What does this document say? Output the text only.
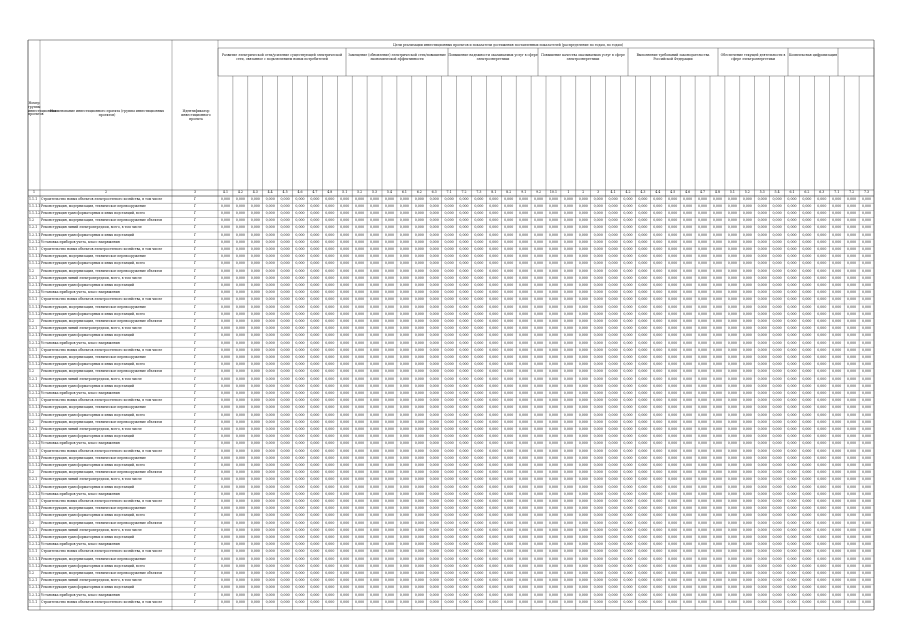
Цели реализации инвестиционных проектов и показатели достижения поставленных показателей (распределение по годам, по годам)
Номер группы инвестиционных проектов
Наименование инвестиционного проекта (группы инвестиционных проектов)
Идентификатор инвестиционного проекта
Развитие электрической сети/усиление существующей электрической сети, связанное с подключением новых потребителей
Замещение (обновление) электрической сети/повышение экономической эффективности
Повышение надежности оказываемых услуг в сфере электроэнергетики
Повышение качества оказываемых услуг в сфере электроэнергетики
Выполнение требований законодательства Российской Федерации
Обеспечение текущей деятельности в сфере электроэнергетики
Комплексная цифровизация
1	2	3	4.1	4.2	4.3	4.4	4.5	4.6	4.7	4.8	5.1	5.2	5.3	5.4	6.1	6.2	6.3	7.1	7.2	7.3	8.1	8.2	9.1	9.2	10.1	1	2	3	4.1	4.2	4.3	4.4	4.5	4.6	4.7	4.8	5.1	5.2	5.3	5.4	6.1	6.2	6.3	7.1	7.2	7.3
1.1.1	Строительство новых объектов электросетевого хозяйства, в том числе	Г	0,000	0,000	0,000	0,000	0,000	0,000	0,000	0,000	0,000	0,000	0,000	0,000	0,000	0,000	0,000	0,000	0,000	0,000	0,000	0,000	0,000	0,000	0,000	0,000	0,000	0,000	0,000	0,000	0,000	0,000	0,000	0,000	0,000	0,000	0,000	0,000	0,000	0,000	0,000	0,000	0,000	0,000	0,000	0,000
1.1.1.1 Реконструкция, модернизация, техническое перевооружение	Г	0,000	0,000	0,000	0,000	0,000	0,000	0,000	0,000	0,000	0,000	0,000	0,000	0,000	0,000	0,000	0,000	0,000	0,000	0,000	0,000	0,000	0,000	0,000	0,000	0,000	0,000	0,000	0,000	0,000	0,000	0,000	0,000	0,000	0,000	0,000	0,000	0,000	0,000	0,000	0,000	0,000	0,000	0,000	0,000
1.1.1.2 Реконструкция трансформаторных и иных подстанций, всего	Г	0,000	0,000	0,000	0,000	0,000	0,000	0,000	0,000	0,000	0,000	0,000	0,000	0,000	0,000	0,000	0,000	0,000	0,000	0,000	0,000	0,000	0,000	0,000	0,000	0,000	0,000	0,000	0,000	0,000	0,000	0,000	0,000	0,000	0,000	0,000	0,000	0,000	0,000	0,000	0,000	0,000	0,000	0,000	0,000
1.2	Реконструкция, модернизация, техническое перевооружение объектов	Г	0,000	0,000	0,000	0,000	0,000	0,000	0,000	0,000	0,000	0,000	0,000	0,000	0,000	0,000	0,000	0,000	0,000	0,000	0,000	0,000	0,000	0,000	0,000	0,000	0,000	0,000	0,000	0,000	0,000	0,000	0,000	0,000	0,000	0,000	0,000	0,000	0,000	0,000	0,000	0,000	0,000	0,000	0,000	0,000
1.2.1	Реконструкция линий электропередачи, всего, в том числе	Г	0,000	0,000	0,000	0,000	0,000	0,000	0,000	0,000	0,000	0,000	0,000	0,000	0,000	0,000	0,000	0,000	0,000	0,000	0,000	0,000	0,000	0,000	0,000	0,000	0,000	0,000	0,000	0,000	0,000	0,000	0,000	0,000	0,000	0,000	0,000	0,000	0,000	0,000	0,000	0,000	0,000	0,000	0,000	0,000
1.2.1.1 Реконструкция трансформаторных и иных подстанций	Г	0,000	0,000	0,000	0,000	0,000	0,000	0,000	0,000	0,000	0,000	0,000	0,000	0,000	0,000	0,000	0,000	0,000	0,000	0,000	0,000	0,000	0,000	0,000	0,000	0,000	0,000	0,000	0,000	0,000	0,000	0,000	0,000	0,000	0,000	0,000	0,000	0,000	0,000	0,000	0,000	0,000	0,000	0,000	0,000
1.2.1.2 Установка приборов учета, класс напряжения	Г	0,000	0,000	0,000	0,000	0,000	0,000	0,000	0,000	0,000	0,000	0,000	0,000	0,000	0,000	0,000	0,000	0,000	0,000	0,000	0,000	0,000	0,000	0,000	0,000	0,000	0,000	0,000	0,000	0,000	0,000	0,000	0,000	0,000	0,000	0,000	0,000	0,000	0,000	0,000	0,000	0,000	0,000	0,000	0,000
1.1.1	Строительство новых объектов электросетевого хозяйства, в том числе	Г	0,000	0,000	0,000	0,000	0,000	0,000	0,000	0,000	0,000	0,000	0,000	0,000	0,000	0,000	0,000	0,000	0,000	0,000	0,000	0,000	0,000	0,000	0,000	0,000	0,000	0,000	0,000	0,000	0,000	0,000	0,000	0,000	0,000	0,000	0,000	0,000	0,000	0,000	0,000	0,000	0,000	0,000	0,000	0,000
1.1.1.1 Реконструкция, модернизация, техническое перевооружение	Г	0,000	0,000	0,000	0,000	0,000	0,000	0,000	0,000	0,000	0,000	0,000	0,000	0,000	0,000	0,000	0,000	0,000	0,000	0,000	0,000	0,000	0,000	0,000	0,000	0,000	0,000	0,000	0,000	0,000	0,000	0,000	0,000	0,000	0,000	0,000	0,000	0,000	0,000	0,000	0,000	0,000	0,000	0,000	0,000
1.1.1.2 Реконструкция трансформаторных и иных подстанций, всего	Г	0,000	0,000	0,000	0,000	0,000	0,000	0,000	0,000	0,000	0,000	0,000	0,000	0,000	0,000	0,000	0,000	0,000	0,000	0,000	0,000	0,000	0,000	0,000	0,000	0,000	0,000	0,000	0,000	0,000	0,000	0,000	0,000	0,000	0,000	0,000	0,000	0,000	0,000	0,000	0,000	0,000	0,000	0,000	0,000
1.2	Реконструкция, модернизация, техническое перевооружение объектов	Г	0,000	0,000	0,000	0,000	0,000	0,000	0,000	0,000	0,000	0,000	0,000	0,000	0,000	0,000	0,000	0,000	0,000	0,000	0,000	0,000	0,000	0,000	0,000	0,000	0,000	0,000	0,000	0,000	0,000	0,000	0,000	0,000	0,000	0,000	0,000	0,000	0,000	0,000	0,000	0,000	0,000	0,000	0,000	0,000
1.2.1	Реконструкция линий электропередачи, всего, в том числе	Г	0,000	0,000	0,000	0,000	0,000	0,000	0,000	0,000	0,000	0,000	0,000	0,000	0,000	0,000	0,000	0,000	0,000	0,000	0,000	0,000	0,000	0,000	0,000	0,000	0,000	0,000	0,000	0,000	0,000	0,000	0,000	0,000	0,000	0,000	0,000	0,000	0,000	0,000	0,000	0,000	0,000	0,000	0,000	0,000
1.2.1.1 Реконструкция трансформаторных и иных подстанций	Г	0,000	0,000	0,000	0,000	0,000	0,000	0,000	0,000	0,000	0,000	0,000	0,000	0,000	0,000	0,000	0,000	0,000	0,000	0,000	0,000	0,000	0,000	0,000	0,000	0,000	0,000	0,000	0,000	0,000	0,000	0,000	0,000	0,000	0,000	0,000	0,000	0,000	0,000	0,000	0,000	0,000	0,000	0,000	0,000
1.2.1.2 Установка приборов учета, класс напряжения	Г	0,000	0,000	0,000	0,000	0,000	0,000	0,000	0,000	0,000	0,000	0,000	0,000	0,000	0,000	0,000	0,000	0,000	0,000	0,000	0,000	0,000	0,000	0,000	0,000	0,000	0,000	0,000	0,000	0,000	0,000	0,000	0,000	0,000	0,000	0,000	0,000	0,000	0,000	0,000	0,000	0,000	0,000	0,000	0,000
1.1.1	Строительство новых объектов электросетевого хозяйства, в том числе	Г	0,000	0,000	0,000	0,000	0,000	0,000	0,000	0,000	0,000	0,000	0,000	0,000	0,000	0,000	0,000	0,000	0,000	0,000	0,000	0,000	0,000	0,000	0,000	0,000	0,000	0,000	0,000	0,000	0,000	0,000	0,000	0,000	0,000	0,000	0,000	0,000	0,000	0,000	0,000	0,000	0,000	0,000	0,000	0,000
1.1.1.1 Реконструкция, модернизация, техническое перевооружение	Г	0,000	0,000	0,000	0,000	0,000	0,000	0,000	0,000	0,000	0,000	0,000	0,000	0,000	0,000	0,000	0,000	0,000	0,000	0,000	0,000	0,000	0,000	0,000	0,000	0,000	0,000	0,000	0,000	0,000	0,000	0,000	0,000	0,000	0,000	0,000	0,000	0,000	0,000	0,000	0,000	0,000	0,000	0,000	0,000
1.1.1.2 Реконструкция трансформаторных и иных подстанций, всего	Г	0,000	0,000	0,000	0,000	0,000	0,000	0,000	0,000	0,000	0,000	0,000	0,000	0,000	0,000	0,000	0,000	0,000	0,000	0,000	0,000	0,000	0,000	0,000	0,000	0,000	0,000	0,000	0,000	0,000	0,000	0,000	0,000	0,000	0,000	0,000	0,000	0,000	0,000	0,000	0,000	0,000	0,000	0,000	0,000
1.2	Реконструкция, модернизация, техническое перевооружение объектов	Г	0,000	0,000	0,000	0,000	0,000	0,000	0,000	0,000	0,000	0,000	0,000	0,000	0,000	0,000	0,000	0,000	0,000	0,000	0,000	0,000	0,000	0,000	0,000	0,000	0,000	0,000	0,000	0,000	0,000	0,000	0,000	0,000	0,000	0,000	0,000	0,000	0,000	0,000	0,000	0,000	0,000	0,000	0,000	0,000
1.2.1	Реконструкция линий электропередачи, всего, в том числе	Г	0,000	0,000	0,000	0,000	0,000	0,000	0,000	0,000	0,000	0,000	0,000	0,000	0,000	0,000	0,000	0,000	0,000	0,000	0,000	0,000	0,000	0,000	0,000	0,000	0,000	0,000	0,000	0,000	0,000	0,000	0,000	0,000	0,000	0,000	0,000	0,000	0,000	0,000	0,000	0,000	0,000	0,000	0,000	0,000
1.2.1.1 Реконструкция трансформаторных и иных подстанций	Г	0,000	0,000	0,000	0,000	0,000	0,000	0,000	0,000	0,000	0,000	0,000	0,000	0,000	0,000	0,000	0,000	0,000	0,000	0,000	0,000	0,000	0,000	0,000	0,000	0,000	0,000	0,000	0,000	0,000	0,000	0,000	0,000	0,000	0,000	0,000	0,000	0,000	0,000	0,000	0,000	0,000	0,000	0,000	0,000
1.2.1.2 Установка приборов учета, класс напряжения	Г	0,000	0,000	0,000	0,000	0,000	0,000	0,000	0,000	0,000	0,000	0,000	0,000	0,000	0,000	0,000	0,000	0,000	0,000	0,000	0,000	0,000	0,000	0,000	0,000	0,000	0,000	0,000	0,000	0,000	0,000	0,000	0,000	0,000	0,000	0,000	0,000	0,000	0,000	0,000	0,000	0,000	0,000	0,000	0,000
1.1.1	Строительство новых объектов электросетевого хозяйства, в том числе	Г	0,000	0,000	0,000	0,000	0,000	0,000	0,000	0,000	0,000	0,000	0,000	0,000	0,000	0,000	0,000	0,000	0,000	0,000	0,000	0,000	0,000	0,000	0,000	0,000	0,000	0,000	0,000	0,000	0,000	0,000	0,000	0,000	0,000	0,000	0,000	0,000	0,000	0,000	0,000	0,000	0,000	0,000	0,000	0,000
1.1.1.1 Реконструкция, модернизация, техническое перевооружение	Г	0,000	0,000	0,000	0,000	0,000	0,000	0,000	0,000	0,000	0,000	0,000	0,000	0,000	0,000	0,000	0,000	0,000	0,000	0,000	0,000	0,000	0,000	0,000	0,000	0,000	0,000	0,000	0,000	0,000	0,000	0,000	0,000	0,000	0,000	0,000	0,000	0,000	0,000	0,000	0,000	0,000	0,000	0,000	0,000
1.1.1.2 Реконструкция трансформаторных и иных подстанций, всего	Г	0,000	0,000	0,000	0,000	0,000	0,000	0,000	0,000	0,000	0,000	0,000	0,000	0,000	0,000	0,000	0,000	0,000	0,000	0,000	0,000	0,000	0,000	0,000	0,000	0,000	0,000	0,000	0,000	0,000	0,000	0,000	0,000	0,000	0,000	0,000	0,000	0,000	0,000	0,000	0,000	0,000	0,000	0,000	0,000
1.2	Реконструкция, модернизация, техническое перевооружение объектов	Г	0,000	0,000	0,000	0,000	0,000	0,000	0,000	0,000	0,000	0,000	0,000	0,000	0,000	0,000	0,000	0,000	0,000	0,000	0,000	0,000	0,000	0,000	0,000	0,000	0,000	0,000	0,000	0,000	0,000	0,000	0,000	0,000	0,000	0,000	0,000	0,000	0,000	0,000	0,000	0,000	0,000	0,000	0,000	0,000
1.2.1	Реконструкция линий электропередачи, всего, в том числе	Г	0,000	0,000	0,000	0,000	0,000	0,000	0,000	0,000	0,000	0,000	0,000	0,000	0,000	0,000	0,000	0,000	0,000	0,000	0,000	0,000	0,000	0,000	0,000	0,000	0,000	0,000	0,000	0,000	0,000	0,000	0,000	0,000	0,000	0,000	0,000	0,000	0,000	0,000	0,000	0,000	0,000	0,000	0,000	0,000
1.2.1.1 Реконструкция трансформаторных и иных подстанций	Г	0,000	0,000	0,000	0,000	0,000	0,000	0,000	0,000	0,000	0,000	0,000	0,000	0,000	0,000	0,000	0,000	0,000	0,000	0,000	0,000	0,000	0,000	0,000	0,000	0,000	0,000	0,000	0,000	0,000	0,000	0,000	0,000	0,000	0,000	0,000	0,000	0,000	0,000	0,000	0,000	0,000	0,000	0,000	0,000
1.2.1.2 Установка приборов учета, класс напряжения	Г	0,000	0,000	0,000	0,000	0,000	0,000	0,000	0,000	0,000	0,000	0,000	0,000	0,000	0,000	0,000	0,000	0,000	0,000	0,000	0,000	0,000	0,000	0,000	0,000	0,000	0,000	0,000	0,000	0,000	0,000	0,000	0,000	0,000	0,000	0,000	0,000	0,000	0,000	0,000	0,000	0,000	0,000	0,000	0,000
1.1.1	Строительство новых объектов электросетевого хозяйства, в том числе	Г	0,000	0,000	0,000	0,000	0,000	0,000	0,000	0,000	0,000	0,000	0,000	0,000	0,000	0,000	0,000	0,000	0,000	0,000	0,000	0,000	0,000	0,000	0,000	0,000	0,000	0,000	0,000	0,000	0,000	0,000	0,000	0,000	0,000	0,000	0,000	0,000	0,000	0,000	0,000	0,000	0,000	0,000	0,000	0,000
1.1.1.1 Реконструкция, модернизация, техническое перевооружение	Г	0,000	0,000	0,000	0,000	0,000	0,000	0,000	0,000	0,000	0,000	0,000	0,000	0,000	0,000	0,000	0,000	0,000	0,000	0,000	0,000	0,000	0,000	0,000	0,000	0,000	0,000	0,000	0,000	0,000	0,000	0,000	0,000	0,000	0,000	0,000	0,000	0,000	0,000	0,000	0,000	0,000	0,000	0,000	0,000
1.1.1.2 Реконструкция трансформаторных и иных подстанций, всего	Г	0,000	0,000	0,000	0,000	0,000	0,000	0,000	0,000	0,000	0,000	0,000	0,000	0,000	0,000	0,000	0,000	0,000	0,000	0,000	0,000	0,000	0,000	0,000	0,000	0,000	0,000	0,000	0,000	0,000	0,000	0,000	0,000	0,000	0,000	0,000	0,000	0,000	0,000	0,000	0,000	0,000	0,000	0,000	0,000
1.2	Реконструкция, модернизация, техническое перевооружение объектов	Г	0,000	0,000	0,000	0,000	0,000	0,000	0,000	0,000	0,000	0,000	0,000	0,000	0,000	0,000	0,000	0,000	0,000	0,000	0,000	0,000	0,000	0,000	0,000	0,000	0,000	0,000	0,000	0,000	0,000	0,000	0,000	0,000	0,000	0,000	0,000	0,000	0,000	0,000	0,000	0,000	0,000	0,000	0,000	0,000
1.2.1	Реконструкция линий электропередачи, всего, в том числе	Г	0,000	0,000	0,000	0,000	0,000	0,000	0,000	0,000	0,000	0,000	0,000	0,000	0,000	0,000	0,000	0,000	0,000	0,000	0,000	0,000	0,000	0,000	0,000	0,000	0,000	0,000	0,000	0,000	0,000	0,000	0,000	0,000	0,000	0,000	0,000	0,000	0,000	0,000	0,000	0,000	0,000	0,000	0,000	0,000
1.2.1.1 Реконструкция трансформаторных и иных подстанций	Г	0,000	0,000	0,000	0,000	0,000	0,000	0,000	0,000	0,000	0,000	0,000	0,000	0,000	0,000	0,000	0,000	0,000	0,000	0,000	0,000	0,000	0,000	0,000	0,000	0,000	0,000	0,000	0,000	0,000	0,000	0,000	0,000	0,000	0,000	0,000	0,000	0,000	0,000	0,000	0,000	0,000	0,000	0,000	0,000
1.2.1.2 Установка приборов учета, класс напряжения	Г	0,000	0,000	0,000	0,000	0,000	0,000	0,000	0,000	0,000	0,000	0,000	0,000	0,000	0,000	0,000	0,000	0,000	0,000	0,000	0,000	0,000	0,000	0,000	0,000	0,000	0,000	0,000	0,000	0,000	0,000	0,000	0,000	0,000	0,000	0,000	0,000	0,000	0,000	0,000	0,000	0,000	0,000	0,000	0,000
1.1.1	Строительство новых объектов электросетевого хозяйства, в том числе	Г	0,000	0,000	0,000	0,000	0,000	0,000	0,000	0,000	0,000	0,000	0,000	0,000	0,000	0,000	0,000	0,000	0,000	0,000	0,000	0,000	0,000	0,000	0,000	0,000	0,000	0,000	0,000	0,000	0,000	0,000	0,000	0,000	0,000	0,000	0,000	0,000	0,000	0,000	0,000	0,000	0,000	0,000	0,000	0,000
1.1.1.1 Реконструкция, модернизация, техническое перевооружение	Г	0,000	0,000	0,000	0,000	0,000	0,000	0,000	0,000	0,000	0,000	0,000	0,000	0,000	0,000	0,000	0,000	0,000	0,000	0,000	0,000	0,000	0,000	0,000	0,000	0,000	0,000	0,000	0,000	0,000	0,000	0,000	0,000	0,000	0,000	0,000	0,000	0,000	0,000	0,000	0,000	0,000	0,000	0,000	0,000
1.1.1.2 Реконструкция трансформаторных и иных подстанций, всего	Г	0,000	0,000	0,000	0,000	0,000	0,000	0,000	0,000	0,000	0,000	0,000	0,000	0,000	0,000	0,000	0,000	0,000	0,000	0,000	0,000	0,000	0,000	0,000	0,000	0,000	0,000	0,000	0,000	0,000	0,000	0,000	0,000	0,000	0,000	0,000	0,000	0,000	0,000	0,000	0,000	0,000	0,000	0,000	0,000
1.2	Реконструкция, модернизация, техническое перевооружение объектов	Г	0,000	0,000	0,000	0,000	0,000	0,000	0,000	0,000	0,000	0,000	0,000	0,000	0,000	0,000	0,000	0,000	0,000	0,000	0,000	0,000	0,000	0,000	0,000	0,000	0,000	0,000	0,000	0,000	0,000	0,000	0,000	0,000	0,000	0,000	0,000	0,000	0,000	0,000	0,000	0,000	0,000	0,000	0,000	0,000
1.2.1	Реконструкция линий электропередачи, всего, в том числе	Г	0,000	0,000	0,000	0,000	0,000	0,000	0,000	0,000	0,000	0,000	0,000	0,000	0,000	0,000	0,000	0,000	0,000	0,000	0,000	0,000	0,000	0,000	0,000	0,000	0,000	0,000	0,000	0,000	0,000	0,000	0,000	0,000	0,000	0,000	0,000	0,000	0,000	0,000	0,000	0,000	0,000	0,000	0,000	0,000
1.2.1.1 Реконструкция трансформаторных и иных подстанций	Г	0,000	0,000	0,000	0,000	0,000	0,000	0,000	0,000	0,000	0,000	0,000	0,000	0,000	0,000	0,000	0,000	0,000	0,000	0,000	0,000	0,000	0,000	0,000	0,000	0,000	0,000	0,000	0,000	0,000	0,000	0,000	0,000	0,000	0,000	0,000	0,000	0,000	0,000	0,000	0,000	0,000	0,000	0,000	0,000
1.2.1.2 Установка приборов учета, класс напряжения	Г	0,000	0,000	0,000	0,000	0,000	0,000	0,000	0,000	0,000	0,000	0,000	0,000	0,000	0,000	0,000	0,000	0,000	0,000	0,000	0,000	0,000	0,000	0,000	0,000	0,000	0,000	0,000	0,000	0,000	0,000	0,000	0,000	0,000	0,000	0,000	0,000	0,000	0,000	0,000	0,000	0,000	0,000	0,000	0,000
1.1.1	Строительство новых объектов электросетевого хозяйства, в том числе	Г	0,000	0,000	0,000	0,000	0,000	0,000	0,000	0,000	0,000	0,000	0,000	0,000	0,000	0,000	0,000	0,000	0,000	0,000	0,000	0,000	0,000	0,000	0,000	0,000	0,000	0,000	0,000	0,000	0,000	0,000	0,000	0,000	0,000	0,000	0,000	0,000	0,000	0,000	0,000	0,000	0,000	0,000	0,000	0,000
1.1.1.1 Реконструкция, модернизация, техническое перевооружение	Г	0,000	0,000	0,000	0,000	0,000	0,000	0,000	0,000	0,000	0,000	0,000	0,000	0,000	0,000	0,000	0,000	0,000	0,000	0,000	0,000	0,000	0,000	0,000	0,000	0,000	0,000	0,000	0,000	0,000	0,000	0,000	0,000	0,000	0,000	0,000	0,000	0,000	0,000	0,000	0,000	0,000	0,000	0,000	0,000
1.1.1.2 Реконструкция трансформаторных и иных подстанций, всего	Г	0,000	0,000	0,000	0,000	0,000	0,000	0,000	0,000	0,000	0,000	0,000	0,000	0,000	0,000	0,000	0,000	0,000	0,000	0,000	0,000	0,000	0,000	0,000	0,000	0,000	0,000	0,000	0,000	0,000	0,000	0,000	0,000	0,000	0,000	0,000	0,000	0,000	0,000	0,000	0,000	0,000	0,000	0,000	0,000
1.2	Реконструкция, модернизация, техническое перевооружение объектов	Г	0,000	0,000	0,000	0,000	0,000	0,000	0,000	0,000	0,000	0,000	0,000	0,000	0,000	0,000	0,000	0,000	0,000	0,000	0,000	0,000	0,000	0,000	0,000	0,000	0,000	0,000	0,000	0,000	0,000	0,000	0,000	0,000	0,000	0,000	0,000	0,000	0,000	0,000	0,000	0,000	0,000	0,000	0,000	0,000
1.2.1	Реконструкция линий электропередачи, всего, в том числе	Г	0,000	0,000	0,000	0,000	0,000	0,000	0,000	0,000	0,000	0,000	0,000	0,000	0,000	0,000	0,000	0,000	0,000	0,000	0,000	0,000	0,000	0,000	0,000	0,000	0,000	0,000	0,000	0,000	0,000	0,000	0,000	0,000	0,000	0,000	0,000	0,000	0,000	0,000	0,000	0,000	0,000	0,000	0,000	0,000
1.2.1.1 Реконструкция трансформаторных и иных подстанций	Г	0,000	0,000	0,000	0,000	0,000	0,000	0,000	0,000	0,000	0,000	0,000	0,000	0,000	0,000	0,000	0,000	0,000	0,000	0,000	0,000	0,000	0,000	0,000	0,000	0,000	0,000	0,000	0,000	0,000	0,000	0,000	0,000	0,000	0,000	0,000	0,000	0,000	0,000	0,000	0,000	0,000	0,000	0,000	0,000
1.2.1.2 Установка приборов учета, класс напряжения	Г	0,000	0,000	0,000	0,000	0,000	0,000	0,000	0,000	0,000	0,000	0,000	0,000	0,000	0,000	0,000	0,000	0,000	0,000	0,000	0,000	0,000	0,000	0,000	0,000	0,000	0,000	0,000	0,000	0,000	0,000	0,000	0,000	0,000	0,000	0,000	0,000	0,000	0,000	0,000	0,000	0,000	0,000	0,000	0,000
1.1.1	Строительство новых объектов электросетевого хозяйства, в том числе	Г	0,000	0,000	0,000	0,000	0,000	0,000	0,000	0,000	0,000	0,000	0,000	0,000	0,000	0,000	0,000	0,000	0,000	0,000	0,000	0,000	0,000	0,000	0,000	0,000	0,000	0,000	0,000	0,000	0,000	0,000	0,000	0,000	0,000	0,000	0,000	0,000	0,000	0,000	0,000	0,000	0,000	0,000	0,000	0,000
1.1.1.1 Реконструкция, модернизация, техническое перевооружение	Г	0,000	0,000	0,000	0,000	0,000	0,000	0,000	0,000	0,000	0,000	0,000	0,000	0,000	0,000	0,000	0,000	0,000	0,000	0,000	0,000	0,000	0,000	0,000	0,000	0,000	0,000	0,000	0,000	0,000	0,000	0,000	0,000	0,000	0,000	0,000	0,000	0,000	0,000	0,000	0,000	0,000	0,000	0,000	0,000
1.1.1.2 Реконструкция трансформаторных и иных подстанций, всего	Г	0,000	0,000	0,000	0,000	0,000	0,000	0,000	0,000	0,000	0,000	0,000	0,000	0,000	0,000	0,000	0,000	0,000	0,000	0,000	0,000	0,000	0,000	0,000	0,000	0,000	0,000	0,000	0,000	0,000	0,000	0,000	0,000	0,000	0,000	0,000	0,000	0,000	0,000	0,000	0,000	0,000	0,000	0,000	0,000
1.2	Реконструкция, модернизация, техническое перевооружение объектов	Г	0,000	0,000	0,000	0,000	0,000	0,000	0,000	0,000	0,000	0,000	0,000	0,000	0,000	0,000	0,000	0,000	0,000	0,000	0,000	0,000	0,000	0,000	0,000	0,000	0,000	0,000	0,000	0,000	0,000	0,000	0,000	0,000	0,000	0,000	0,000	0,000	0,000	0,000	0,000	0,000	0,000	0,000	0,000	0,000
1.2.1	Реконструкция линий электропередачи, всего, в том числе	Г	0,000	0,000	0,000	0,000	0,000	0,000	0,000	0,000	0,000	0,000	0,000	0,000	0,000	0,000	0,000	0,000	0,000	0,000	0,000	0,000	0,000	0,000	0,000	0,000	0,000	0,000	0,000	0,000	0,000	0,000	0,000	0,000	0,000	0,000	0,000	0,000	0,000	0,000	0,000	0,000	0,000	0,000	0,000	0,000
1.2.1.1 Реконструкция трансформаторных и иных подстанций	Г	0,000	0,000	0,000	0,000	0,000	0,000	0,000	0,000	0,000	0,000	0,000	0,000	0,000	0,000	0,000	0,000	0,000	0,000	0,000	0,000	0,000	0,000	0,000	0,000	0,000	0,000	0,000	0,000	0,000	0,000	0,000	0,000	0,000	0,000	0,000	0,000	0,000	0,000	0,000	0,000	0,000	0,000	0,000	0,000
1.2.1.2 Установка приборов учета, класс напряжения	Г	0,000	0,000	0,000	0,000	0,000	0,000	0,000	0,000	0,000	0,000	0,000	0,000	0,000	0,000	0,000	0,000	0,000	0,000	0,000	0,000	0,000	0,000	0,000	0,000	0,000	0,000	0,000	0,000	0,000	0,000	0,000	0,000	0,000	0,000	0,000	0,000	0,000	0,000	0,000	0,000	0,000	0,000	0,000	0,000
1.1.1	Строительство новых объектов электросетевого хозяйства, в том числе	Г	0,000	0,000	0,000	0,000	0,000	0,000	0,000	0,000	0,000	0,000	0,000	0,000	0,000	0,000	0,000	0,000	0,000	0,000	0,000	0,000	0,000	0,000	0,000	0,000	0,000	0,000	0,000	0,000	0,000	0,000	0,000	0,000	0,000	0,000	0,000	0,000	0,000	0,000	0,000	0,000	0,000	0,000	0,000	0,000
